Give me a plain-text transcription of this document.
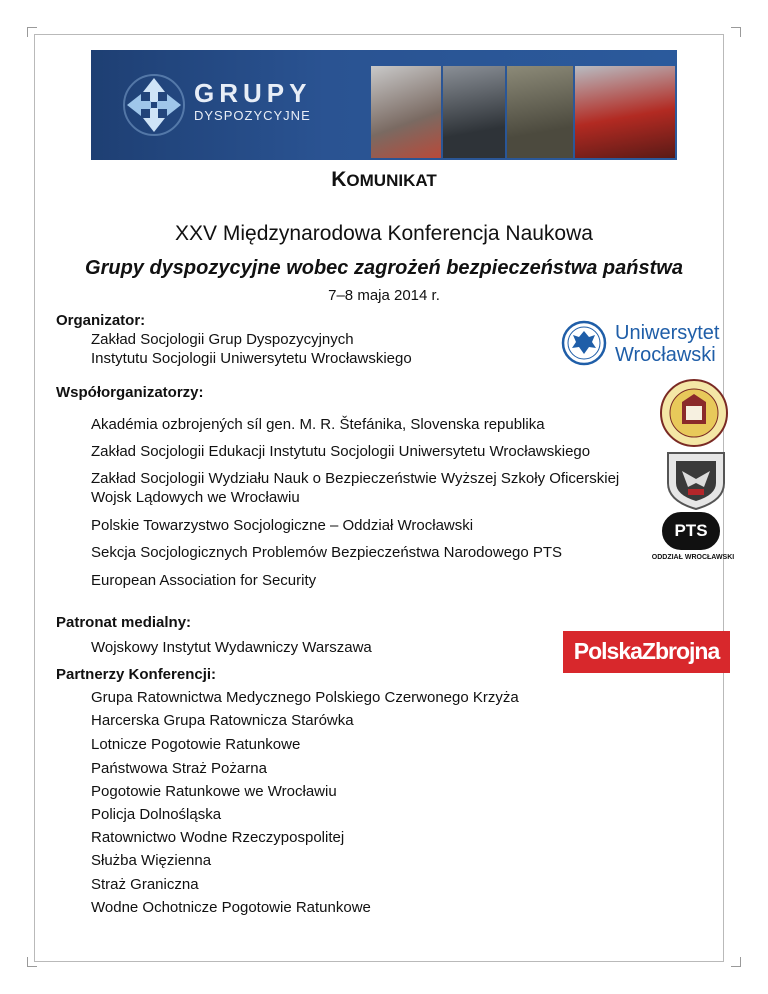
GRUPY
DYSPOZYCYJNE
KOMUNIKAT
XXV Międzynarodowa Konferencja Naukowa
Grupy dyspozycyjne wobec zagrożeń bezpieczeństwa państwa
7–8 maja 2014 r.
Organizator:
Zakład Socjologii Grup Dyspozycyjnych
Instytutu Socjologii Uniwersytetu Wrocławskiego
Uniwersytet
Wrocławski
Współorganizatorzy:
Akadémia ozbrojených síl gen. M. R. Štefánika, Slovenska republika
Zakład Socjologii Edukacji Instytutu Socjologii Uniwersytetu Wrocławskiego
Zakład Socjologii Wydziału Nauk o Bezpieczeństwie Wyższej Szkoły Oficerskiej
Wojsk Lądowych we Wrocławiu
Polskie Towarzystwo Socjologiczne – Oddział Wrocławski
Sekcja Socjologicznych Problemów Bezpieczeństwa Narodowego PTS
European Association for Security
PTS
ODDZIAŁ WROCŁAWSKI
Patronat medialny:
Wojskowy Instytut Wydawniczy Warszawa	PolskaZbrojna
Partnerzy Konferencji:
Grupa Ratownictwa Medycznego Polskiego Czerwonego Krzyża
Harcerska Grupa Ratownicza Starówka
Lotnicze Pogotowie Ratunkowe
Państwowa Straż Pożarna
Pogotowie Ratunkowe we Wrocławiu
Policja Dolnośląska
Ratownictwo Wodne Rzeczypospolitej
Służba Więzienna
Straż Graniczna
Wodne Ochotnicze Pogotowie Ratunkowe
